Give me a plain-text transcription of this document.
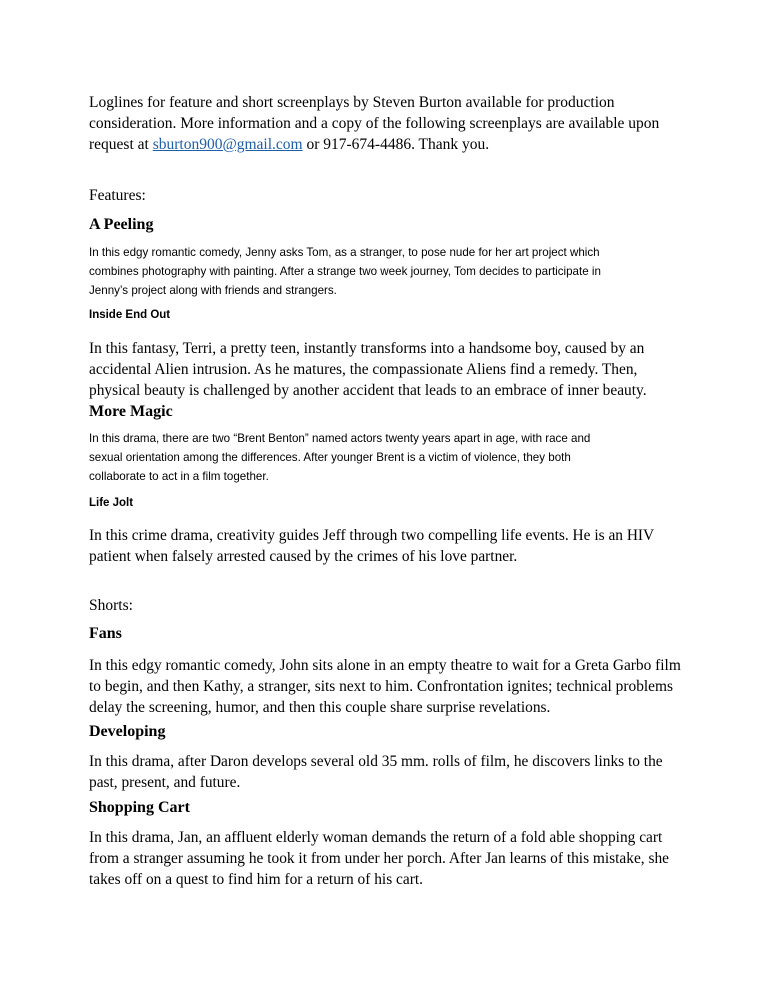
Loglines for feature and short screenplays by Steven Burton available for production
consideration. More information and a copy of the following screenplays are available upon
request at sburton900@gmail.com or 917-674-4486. Thank you.
Features:
A Peeling
In this edgy romantic comedy, Jenny asks Tom, as a stranger, to pose nude for her art project which
combines photography with painting. After a strange two week journey, Tom decides to participate in
Jenny’s project along with friends and strangers.
Inside End Out
In this fantasy, Terri, a pretty teen, instantly transforms into a handsome boy, caused by an
accidental Alien intrusion. As he matures, the compassionate Aliens find a remedy. Then,
physical beauty is challenged by another accident that leads to an embrace of inner beauty.
More Magic
In this drama, there are two “Brent Benton” named actors twenty years apart in age, with race and
sexual orientation among the differences. After younger Brent is a victim of violence, they both
collaborate to act in a film together.
Life Jolt
In this crime drama, creativity guides Jeff through two compelling life events. He is an HIV
patient when falsely arrested caused by the crimes of his love partner.
Shorts:
Fans
In this edgy romantic comedy, John sits alone in an empty theatre to wait for a Greta Garbo film
to begin, and then Kathy, a stranger, sits next to him. Confrontation ignites; technical problems
delay the screening, humor, and then this couple share surprise revelations.
Developing
In this drama, after Daron develops several old 35 mm. rolls of film, he discovers links to the
past, present, and future.
Shopping Cart
In this drama, Jan, an affluent elderly woman demands the return of a fold able shopping cart
from a stranger assuming he took it from under her porch. After Jan learns of this mistake, she
takes off on a quest to find him for a return of his cart.
